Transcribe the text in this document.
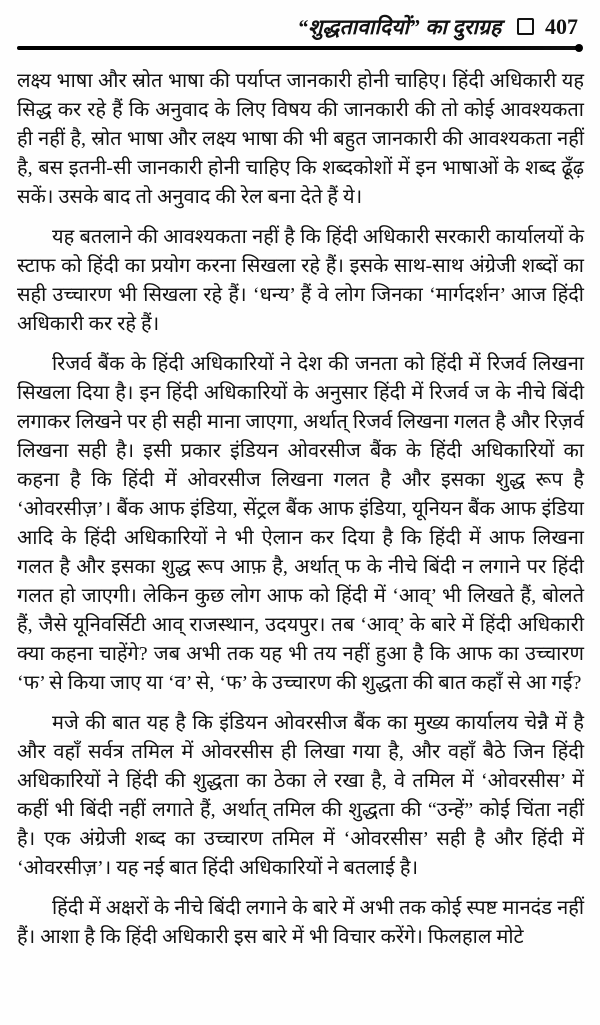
“शुद्धतावादियों” का दुराग्रह 407

लक्ष्य भाषा और स्रोत भाषा की पर्याप्त जानकारी होनी चाहिए। हिंदी अधिकारी यह सिद्ध कर रहे हैं कि अनुवाद के लिए विषय की जानकारी की तो कोई आवश्यकता ही नहीं है, स्रोत भाषा और लक्ष्य भाषा की भी बहुत जानकारी की आवश्यकता नहीं है, बस इतनी-सी जानकारी होनी चाहिए कि शब्दकोशों में इन भाषाओं के शब्द ढूँढ़ सकें। उसके बाद तो अनुवाद की रेल बना देते हैं ये।

यह बतलाने की आवश्यकता नहीं है कि हिंदी अधिकारी सरकारी कार्यालयों के स्टाफ को हिंदी का प्रयोग करना सिखला रहे हैं। इसके साथ-साथ अंग्रेजी शब्दों का सही उच्चारण भी सिखला रहे हैं। ‘धन्य’ हैं वे लोग जिनका ‘मार्गदर्शन’ आज हिंदी अधिकारी कर रहे हैं।

रिजर्व बैंक के हिंदी अधिकारियों ने देश की जनता को हिंदी में रिजर्व लिखना सिखला दिया है। इन हिंदी अधिकारियों के अनुसार हिंदी में रिजर्व ज के नीचे बिंदी लगाकर लिखने पर ही सही माना जाएगा, अर्थात् रिजर्व लिखना गलत है और रिज़र्व लिखना सही है। इसी प्रकार इंडियन ओवरसीज बैंक के हिंदी अधिकारियों का कहना है कि हिंदी में ओवरसीज लिखना गलत है और इसका शुद्ध रूप है ‘ओवरसीज़’। बैंक आफ इंडिया, सेंट्रल बैंक आफ इंडिया, यूनियन बैंक आफ इंडिया आदि के हिंदी अधिकारियों ने भी ऐलान कर दिया है कि हिंदी में आफ लिखना गलत है और इसका शुद्ध रूप आफ़ है, अर्थात् फ के नीचे बिंदी न लगाने पर हिंदी गलत हो जाएगी। लेकिन कुछ लोग आफ को हिंदी में ‘आव्’ भी लिखते हैं, बोलते हैं, जैसे यूनिवर्सिटी आव् राजस्थान, उदयपुर। तब ‘आव्’ के बारे में हिंदी अधिकारी क्या कहना चाहेंगे? जब अभी तक यह भी तय नहीं हुआ है कि आफ का उच्चारण ‘फ’ से किया जाए या ‘व’ से, ‘फ’ के उच्चारण की शुद्धता की बात कहाँ से आ गई?

मजे की बात यह है कि इंडियन ओवरसीज बैंक का मुख्य कार्यालय चेन्नै में है और वहाँ सर्वत्र तमिल में ओवरसीस ही लिखा गया है, और वहाँ बैठे जिन हिंदी अधिकारियों ने हिंदी की शुद्धता का ठेका ले रखा है, वे तमिल में ‘ओवरसीस’ में कहीं भी बिंदी नहीं लगाते हैं, अर्थात् तमिल की शुद्धता की “उन्हें” कोई चिंता नहीं है। एक अंग्रेजी शब्द का उच्चारण तमिल में ‘ओवरसीस’ सही है और हिंदी में ‘ओवरसीज़’। यह नई बात हिंदी अधिकारियों ने बतलाई है।

हिंदी में अक्षरों के नीचे बिंदी लगाने के बारे में अभी तक कोई स्पष्ट मानदंड नहीं हैं। आशा है कि हिंदी अधिकारी इस बारे में भी विचार करेंगे। फिलहाल मोटे
